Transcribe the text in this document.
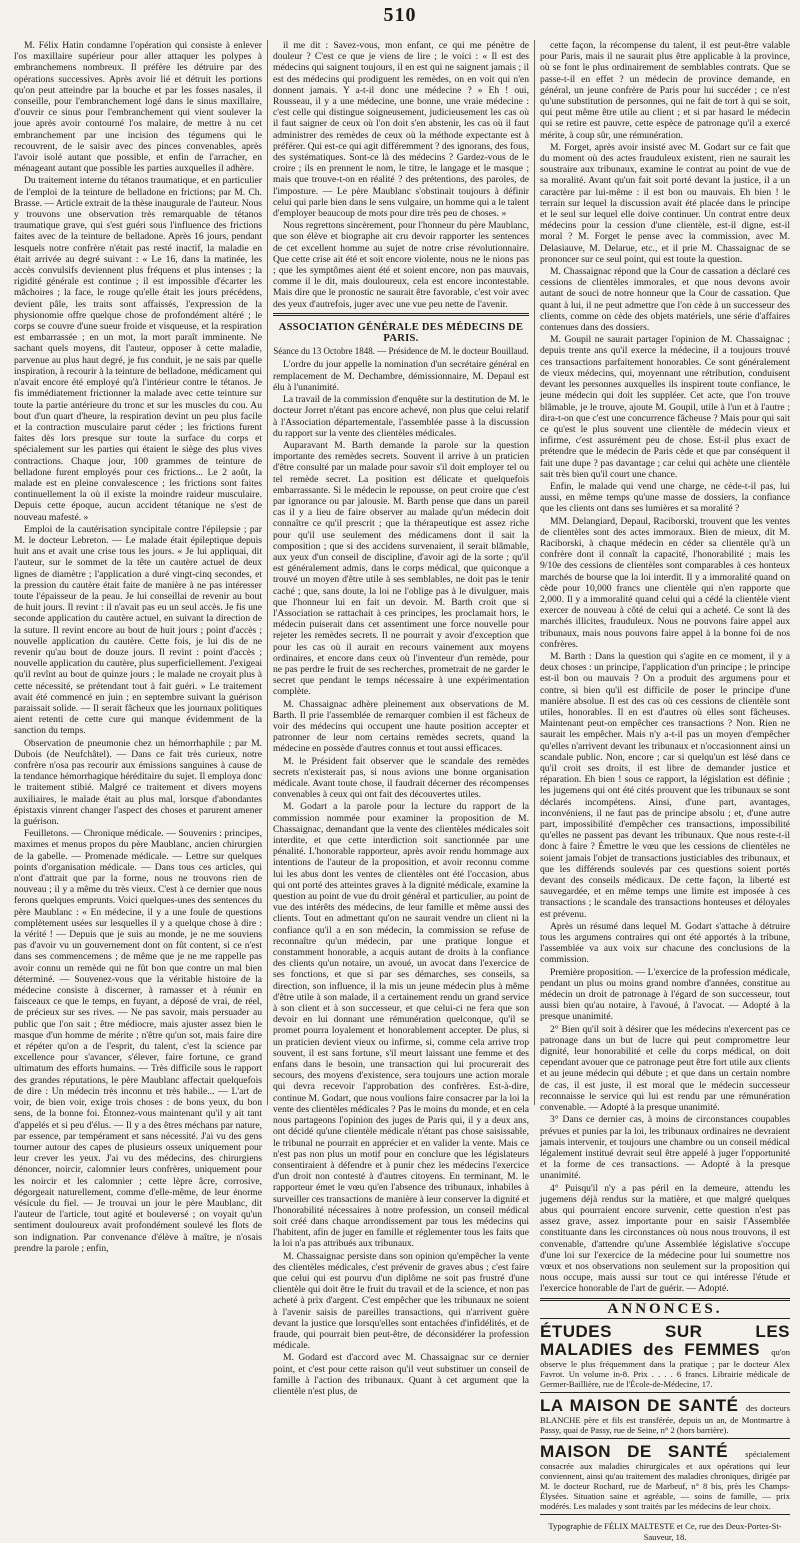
510

M. Félix Hatin condamne l'opération qui consiste à enlever l'os maxillaire supérieur pour aller attaquer les polypes à embranchemens nombreux. Il préfère les détruire par des opérations successives. Après avoir lié et détruit les portions qu'on peut atteindre par la bouche et par les fosses nasales, il conseille, pour l'embranchement logé dans le sinus maxillaire, d'ouvrir ce sinus pour l'embranchement qui vient soulever la joue après avoir contourné l'os malaire, de mettre à nu cet embranchement par une incision des tégumens qui le recouvrent, de le saisir avec des pinces convenables, après l'avoir isolé autant que possible, et enfin de l'arracher, en ménageant autant que possible les parties auxquelles il adhère.

Du traitement interne du tétanos traumatique, et en particulier de l'emploi de la teinture de belladone en frictions; par M. Ch. Brasse. — Article extrait de la thèse inaugurale de l'auteur. Nous y trouvons une observation très remarquable de tétanos traumatique grave, qui s'est guéri sous l'influence des frictions faites avec de la teinture de belladone. Après 16 jours, pendant lesquels notre confrère n'était pas resté inactif, la maladie en était arrivée au degré suivant : « Le 16, dans la matinée, les accès convulsifs deviennent plus fréquens et plus intenses ; la rigidité générale est continue ; il est impossible d'écarter les mâchoires ; la face, le rouge qu'elle était les jours précédens, devient pâle, les traits sont affaissés, l'expression de la physionomie offre quelque chose de profondément altéré ; le corps se couvre d'une sueur froide et visqueuse, et la respiration est embarrassée ; en un mot, la mort paraît imminente. Ne sachant quels moyens, dit l'auteur, opposer à cette maladie, parvenue au plus haut degré, je fus conduit, je ne sais par quelle inspiration, à recourir à la teinture de belladone, médicament qui n'avait encore été employé qu'à l'intérieur contre le tétanos. Je fis immédiatement frictionner la malade avec cette teinture sur toute la partie antérieure du tronc et sur les muscles du cou. Au bout d'un quart d'heure, la respiration devint un peu plus facile et la contraction musculaire parut céder ; les frictions furent faites dès lors presque sur toute la surface du corps et spécialement sur les parties qui étaient le siège des plus vives contractions. Chaque jour, 100 grammes de teinture de belladone furent employés pour ces frictions... Le 2 août, la malade est en pleine convalescence ; les frictions sont faites continuellement la où il existe la moindre raideur musculaire. Depuis cette époque, aucun accident tétanique ne s'est de nouveau mafesté. »

Emploi de la cautérisation syncipitale contre l'épilepsie ; par M. le docteur Lebreton. — Le malade était épileptique depuis huit ans et avait une crise tous les jours. « Je lui appliquai, dit l'auteur, sur le sommet de la tête un cautère actuel de deux lignes de diamètre ; l'application a duré vingt-cinq secondes, et la pression du cautère était faite de manière à ne pas intéresser toute l'épaisseur de la peau. Je lui conseillai de revenir au bout de huit jours. Il revint : il n'avait pas eu un seul accès. Je fis une seconde application du cautère actuel, en suivant la direction de la suture. Il revint encore au bout de huit jours ; point d'accès ; nouvelle application du cautère. Cette fois, je lui dis de ne revenir qu'au bout de douze jours. Il revint : point d'accès ; nouvelle application du cautère, plus superficiellement. J'exigeai qu'il revînt au bout de quinze jours ; le malade ne croyait plus à cette nécessité, se prétendant tout à fait guéri. » Le traitement avait été commencé en juin ; en septembre suivant la guérison paraissait solide. — Il serait fâcheux que les journaux politiques aient retenti de cette cure qui manque évidemment de la sanction du temps.

Observation de pneumonie chez un hémorrhaphile ; par M. Dubois (de Neufchâtel). — Dans ce fait très curieux, notre confrère n'osa pas recourir aux émissions sanguines à cause de la tendance hémorrhagique héréditaire du sujet. Il employa donc le traitement stibié. Malgré ce traitement et divers moyens auxiliaires, le malade était au plus mal, lorsque d'abondantes épistaxis vinrent changer l'aspect des choses et parurent amener la guérison.

Feuilletons. — Chronique médicale. — Souvenirs : principes, maximes et menus propos du père Maublanc, ancien chirurgien de la gabelle. — Promenade médicale. — Lettre sur quelques points d'organisation médicale. — Dans tous ces articles, qui n'ont d'attrait que par la forme, nous ne trouvons rien de nouveau ; il y a même du très vieux. C'est à ce dernier que nous ferons quelques emprunts. Voici quelques-unes des sentences du père Maublanc : « En médecine, il y a une foule de questions complètement usées sur lesquelles il y a quelque chose à dire : la vérité ! — Depuis que je suis au monde, je ne me souviens pas d'avoir vu un gouvernement dont on fût content, si ce n'est dans ses commencemens ; de même que je ne me rappelle pas avoir connu un remède qui ne fût bon que contre un mal bien déterminé. — Souvenez-vous que la véritable histoire de la médecine consiste à discerner, à ramasser et à réunir en faisceaux ce que le temps, en fuyant, a déposé de vrai, de réel, de précieux sur ses rives. — Ne pas savoir, mais persuader au public que l'on sait ; être médiocre, mais ajuster assez bien le masque d'un homme de mérite ; n'être qu'un sot, mais faire dire et répéter qu'on a de l'esprit, du talent, c'est la science par excellence pour s'avancer, s'élever, faire fortune, ce grand ultimatum des efforts humains. — Très difficile sous le rapport des grandes réputations, le père Maublanc affectait quelquefois de dire : Un médecin très inconnu et très habile... — L'art de voir, de bien voir, exige trois choses : de bons yeux, du bon sens, de la bonne foi. Étonnez-vous maintenant qu'il y ait tant d'appelés et si peu d'élus. — Il y a des êtres méchans par nature, par essence, par tempérament et sans nécessité. J'ai vu des gens tourner autour des capes de plusieurs osseux uniquement pour leur crever les yeux. J'ai vu des médecins, des chirurgiens dénoncer, noircir, calomnier leurs confrères, uniquement pour les noircir et les calomnier ; cette lèpre âcre, corrosive, dégorgeait naturellement, comme d'elle-même, de leur énorme vésicule du fiel. — Je trouvai un jour le père Maublanc, dit l'auteur de l'article, tout agité et bouleversé ; on voyait qu'un sentiment douloureux avait profondément soulevé les flots de son indignation. Par convenance d'élève à maître, je n'osais prendre la parole ; enfin,

il me dit : Savez-vous, mon enfant, ce qui me pénètre de douleur ? C'est ce que je viens de lire ; le voici : « Il est des médecins qui saignent toujours, il en est qui ne saignent jamais ; il est des médecins qui prodiguent les remèdes, on en voit qui n'en donnent jamais. Y a-t-il donc une médecine ? » Eh ! oui, Rousseau, il y a une médecine, une bonne, une vraie médecine : c'est celle qui distingue soigneusement, judicieusement les cas où il faut saigner de ceux où l'on doit s'en abstenir, les cas où il faut administrer des remèdes de ceux où la méthode expectante est à préférer. Qui est-ce qui agit différemment ? des ignorans, des fous, des systématiques. Sont-ce là des médecins ? Gardez-vous de le croire ; ils en prennent le nom, le titre, le langage et le masque ; mais que trouve-t-on en réalité ? des prétentions, des paroles, de l'imposture. — Le père Maublanc s'obstinait toujours à définir celui qui parle bien dans le sens vulgaire, un homme qui a le talent d'employer beaucoup de mots pour dire très peu de choses. »

Nous regrettons sincèrement, pour l'honneur du père Maublanc, que son élève et biographe ait cru devoir rapporter les sentences de cet excellent homme au sujet de notre crise révolutionnaire. Que cette crise ait été et soit encore violente, nous ne le nions pas ; que les symptômes aient été et soient encore, non pas mauvais, comme il le dit, mais douloureux, cela est encore incontestable. Mais dire que le pronostic ne saurait être favorable, c'est voir avec des yeux d'autrefois, juger avec une vue peu nette de l'avenir.

ASSOCIATION GÉNÉRALE DES MÉDECINS DE PARIS.
Séance du 13 Octobre 1848. — Présidence de M. le docteur Bouillaud.

L'ordre du jour appelle la nomination d'un secrétaire général en remplacement de M. Dechambre, démissionnaire, M. Depaul est élu à l'unanimité.

La travail de la commission d'enquête sur la destitution de M. le docteur Jorret n'étant pas encore achevé, non plus que celui relatif à l'Association départementale, l'assemblée passe à la discussion du rapport sur la vente des clientèles médicales.

Auparavant M. Barth demande la parole sur la question importante des remèdes secrets. Souvent il arrive à un praticien d'être consulté par un malade pour savoir s'il doit employer tel ou tel remède secret. La position est délicate et quelquefois embarrassante. Si le médecin le repousse, on peut croire que c'est par ignorance ou par jalousie. M. Barth pense que dans un pareil cas il y a lieu de faire observer au malade qu'un médecin doit connaître ce qu'il prescrit ; que la thérapeutique est assez riche pour qu'il use seulement des médicamens dont il sait la composition ; que si des accidens survenaient, il serait blâmable, aux yeux d'un conseil de discipline, d'avoir agi de la sorte ; qu'il est généralement admis, dans le corps médical, que quiconque a trouvé un moyen d'être utile à ses semblables, ne doit pas le tenir caché ; que, sans doute, la loi ne l'oblige pas à le divulguer, mais que l'honneur lui en fait un devoir. M. Barth croit que si l'Association se rattachait à ces principes, les proclamait hors, le médecin puiserait dans cet assentiment une force nouvelle pour rejeter les remèdes secrets. Il ne pourrait y avoir d'exception que pour les cas où il aurait en recours vainement aux moyens ordinaires, et encore dans ceux où l'inventeur d'un remède, pour ne pas perdre le fruit de ses recherches, prometrait de ne garder le secret que pendant le temps nécessaire à une expérimentation complète.

M. Chassaignac adhère pleinement aux observations de M. Barth. Il prie l'assemblée de remarquer combien il est fâcheux de voir des médecins qui occupent une haute position accepter et patronner de leur nom certains remèdes secrets, quand la médecine en possède d'autres connus et tout aussi efficaces.

M. le Président fait observer que le scandale des remèdes secrets n'existerait pas, si nous avions une bonne organisation médicale. Avant toute chose, il faudrait décerner des récompenses convenables à ceux qui ont fait des découvertes utiles.

M. Godart a la parole pour la lecture du rapport de la commission nommée pour examiner la proposition de M. Chassaignac, demandant que la vente des clientèles médicales soit interdite, et que cette interdiction soit sanctionnée par une pénalité. L'honorable rapporteur, après avoir rendu hommage aux intentions de l'auteur de la proposition, et avoir reconnu comme lui les abus dont les ventes de clientèles ont été l'occasion, abus qui ont porté des atteintes graves à la dignité médicale, examine la question au point de vue du droit général et particulier, au point de vue des intérêts des médecins, de leur famille et même aussi des clients. Tout en admettant qu'on ne saurait vendre un client ni la confiance qu'il a en son médecin, la commission se refuse de reconnaître qu'un médecin, par une pratique longue et constamment honorable, a acquis autant de droits à la confiance des clients qu'un notaire, un avoué, un avocat dans l'exercice de ses fonctions, et que si par ses démarches, ses conseils, sa direction, son influence, il la mis un jeune médecin plus à même d'être utile à son malade, il a certainement rendu un grand service à son client et à son successeur, et que celui-ci ne fera que son devoir en lui donnant une rémunération quelconque, qu'il se promet pourra loyalement et honorablement accepter. De plus, si un praticien devient vieux ou infirme, si, comme cela arrive trop souvent, il est sans fortune, s'il meurt laissant une femme et des enfans dans le besoin, une transaction qui lui procurerait des secours, des moyens d'existence, sera toujours une action morale qui devra recevoir l'approbation des confrères. Est-à-dire, continue M. Godart, que nous voulions faire consacrer par la loi la vente des clientèles médicales ? Pas le moins du monde, et en cela nous partageons l'opinion des juges de Paris qui, il y a deux ans, ont décidé qu'une clientèle médicale n'étant pas chose saisissable, le tribunal ne pourrait en apprécier et en valider la vente. Mais ce n'est pas non plus un motif pour en conclure que les législateurs consentiraient à défendre et à punir chez les médecins l'exercice d'un droit non contesté à d'autres citoyens. En terminant, M. le rapporteur émet le vœu qu'en l'absence des tribunaux, inhabiles à surveiller ces transactions de manière à leur conserver la dignité et l'honorabilité nécessaires à notre profession, un conseil médical soit créé dans chaque arrondissement par tous les médecins qui l'habitent, afin de juger en famille et réglementer tous les faits que la loi n'a pas attribués aux tribunaux.

M. Chassaignac persiste dans son opinion qu'empêcher la vente des clientèles médicales, c'est prévenir de graves abus ; c'est faire que celui qui est pourvu d'un diplôme ne soit pas frustré d'une clientèle qui doit être le fruit du travail et de la science, et non pas acheté à prix d'argent. C'est empêcher que les tribunaux ne soient à l'avenir saisis de pareilles transactions, qui n'arrivent guère devant la justice que lorsqu'elles sont entachées d'infidélités, et de fraude, qui pourrait bien peut-être, de déconsidérer la profession médicale.

M. Godard est d'accord avec M. Chassaignac sur ce dernier point, et c'est pour cette raison qu'il veut substituer un conseil de famille à l'action des tribunaux. Quant à cet argument que la clientèle n'est plus, de

cette façon, la récompense du talent, il est peut-être valable pour Paris, mais il ne saurait plus être applicable à la province, où se font le plus ordinairement de semblables contrats. Que se passe-t-il en effet ? un médecin de province demande, en général, un jeune confrère de Paris pour lui succéder ; ce n'est qu'une substitution de personnes, qui ne fait de tort à qui se soit, qui peut même être utile au client ; et si par hasard le médecin qui se retire est pauvre, cette espèce de patronage qu'il a exercé mérite, à coup sûr, une rémunération.

M. Forget, après avoir insisté avec M. Godart sur ce fait que du moment où des actes frauduleux existent, rien ne saurait les soustraire aux tribunaux, examine le contrat au point de vue de sa moralité. Avant qu'un fait soit porté devant la justice, il a un caractère par lui-même : il est bon ou mauvais. Eh bien ! le terrain sur lequel la discussion avait été placée dans le principe et le seul sur lequel elle doive continuer. Un contrat entre deux médecins pour la cession d'une clientèle, est-il digne, est-il moral ? M. Forget le pense avec la commission, avec M. Delasiauve, M. Delarue, etc., et il prie M. Chassaignac de se prononcer sur ce seul point, qui est toute la question.

M. Chassaignac répond que la Cour de cassation a déclaré ces cessions de clientèles immorales, et que nous devons avoir autant de souci de notre honneur que la Cour de cassation. Que quant à lui, il ne peut admettre que l'on cède à un successeur des clients, comme on cède des objets matériels, une série d'affaires contenues dans des dossiers.

M. Goupil ne saurait partager l'opinion de M. Chassaignac ; depuis trente ans qu'il exerce la médecine, il a toujours trouvé ces transactions parfaitement honorables. Ce sont généralement de vieux médecins, qui, moyennant une rétribution, conduisent devant les personnes auxquelles ils inspirent toute confiance, le jeune médecin qui doit les suppléer. Cet acte, que l'on trouve blâmable, je le trouve, ajoute M. Goupil, utile à l'un et à l'autre ; dira-t-on que c'est une concurrence fâcheuse ? Mais pour qui sait ce qu'est le plus souvent une clientèle de médecin vieux et infirme, c'est assurément peu de chose. Est-il plus exact de prétendre que le médecin de Paris cède et que par conséquent il fait une dupe ? pas davantage ; car celui qui achète une clientèle sait très bien qu'il court une chance.

Enfin, le malade qui vend une charge, ne cède-t-il pas, lui aussi, en même temps qu'une masse de dossiers, la confiance que les clients ont dans ses lumières et sa moralité ?

MM. Delangiard, Depaul, Raciborski, trouvent que les ventes de clientèles sont des actes immoraux. Bien de mieux, dit M. Raciborski, à chaque médecin en céder sa clientèle qu'à un confrère dont il connaît la capacité, l'honorabilité ; mais les 9/10e des cessions de clientèles sont comparables à ces honteux marchés de bourse que la loi interdit. Il y a immoralité quand on cède pour 10,000 francs une clientèle qui n'en rapporte que 2,000. Il y a immoralité quand celui qui a cédé la clientèle vient exercer de nouveau à côté de celui qui a acheté. Ce sont là des marchés illicites, frauduleux. Nous ne pouvons faire appel aux tribunaux, mais nous pouvons faire appel à la bonne foi de nos confrères.

M. Barth : Dans la question qui s'agite en ce moment, il y a deux choses : un principe, l'application d'un principe ; le principe est-il bon ou mauvais ? On a produit des argumens pour et contre, si bien qu'il est difficile de poser le principe d'une manière absolue. Il est des cas où ces cessions de clientèle sont utiles, honorables. Il en est d'autres où elles sont fâcheuses. Maintenant peut-on empêcher ces transactions ? Non. Rien ne saurait les empêcher. Mais n'y a-t-il pas un moyen d'empêcher qu'elles n'arrivent devant les tribunaux et n'occasionnent ainsi un scandale public. Non, encore ; car si quelqu'un est lésé dans ce qu'il croit ses droits, il est libre de demander justice et réparation. Eh bien ! sous ce rapport, la législation est définie ; les jugemens qui ont été cités prouvent que les tribunaux se sont déclarés incompétens. Ainsi, d'une part, avantages, inconvéniens, il ne faut pas de principe absolu ; et, d'une autre part, impossibilité d'empêcher ces transactions, impossibilité qu'elles ne passent pas devant les tribunaux. Que nous reste-t-il donc à faire ? Émettre le vœu que les cessions de clientèles ne soient jamais l'objet de transactions justiciables des tribunaux, et que les différends soulevés par ces questions soient portés devant des conseils médicaux. De cette façon, la liberté est sauvegardée, et en même temps une limite est imposée à ces transactions ; le scandale des transactions honteuses et déloyales est prévenu.

Après un résumé dans lequel M. Godart s'attache à détruire tous les argumens contraires qui ont été apportés à la tribune, l'assemblée va aux voix sur chacune des conclusions de la commission.

Première proposition. — L'exercice de la profession médicale, pendant un plus ou moins grand nombre d'années, constitue au médecin un droit de patronage à l'égard de son successeur, tout aussi bien qu'au notaire, à l'avoué, à l'avocat. — Adopté à la presque unanimité.

2° Bien qu'il soit à désirer que les médecins n'exercent pas ce patronage dans un but de lucre qui peut compromettre leur dignité, leur honorabilité et celle du corps médical, on doit cependant avouer que ce patronage peut être fort utile aux clients et au jeune médecin qui débute ; et que dans un certain nombre de cas, il est juste, il est moral que le médecin successeur reconnaisse le service qui lui est rendu par une rémunération convenable. — Adopté à la presque unanimité.

3° Dans ce dernier cas, à moins de circonstances coupables prévues et punies par la loi, les tribunaux ordinaires ne devraient jamais intervenir, et toujours une chambre ou un conseil médical légalement institué devrait seul être appelé à juger l'opportunité et la forme de ces transactions. — Adopté à la presque unanimité.

4° Puisqu'il n'y a pas péril en la demeure, attendu les jugemens déjà rendus sur la matière, et que malgré quelques abus qui pourraient encore survenir, cette question n'est pas assez grave, assez importante pour en saisir l'Assemblée constituante dans les circonstances où nous nous trouvons, il est convenable, d'attendre qu'une Assemblée législative s'occupe d'une loi sur l'exercice de la médecine pour lui soumettre nos vœux et nos observations non seulement sur la proposition qui nous occupe, mais aussi sur tout ce qui intéresse l'étude et l'exercice honorable de l'art de guérir. — Adopté.

ANNONCES.
ÉTUDES SUR LES MALADIES des FEMMES qu'on observe le plus fréquemment dans la pratique ; par le docteur Alex Favrot. Un volume in-8. Prix . . . . 6 francs. Librairie médicale de Germer-Baillière, rue de l'École-de-Médecine, 17.
LA MAISON DE SANTÉ des docteurs BLANCHE père et fils est transférée, depuis un an, de Montmartre à Passy, quai de Passy, rue de Seine, n° 2 (hors barrière).
MAISON DE SANTÉ spécialement consacrée aux maladies chirurgicales et aux opérations qui leur conviennent, ainsi qu'au traitement des maladies chroniques, dirigée par M. le docteur Rochard, rue de Marbeuf, n° 8 bis, près les Champs-Élysées. Situation saine et agréable, — soins de famille, — prix modérés. Les malades y sont traités par les médecins de leur choix.
Typographie de FÉLIX MALTESTE et Ce, rue des Deux-Portes-St-Sauveur, 18.
